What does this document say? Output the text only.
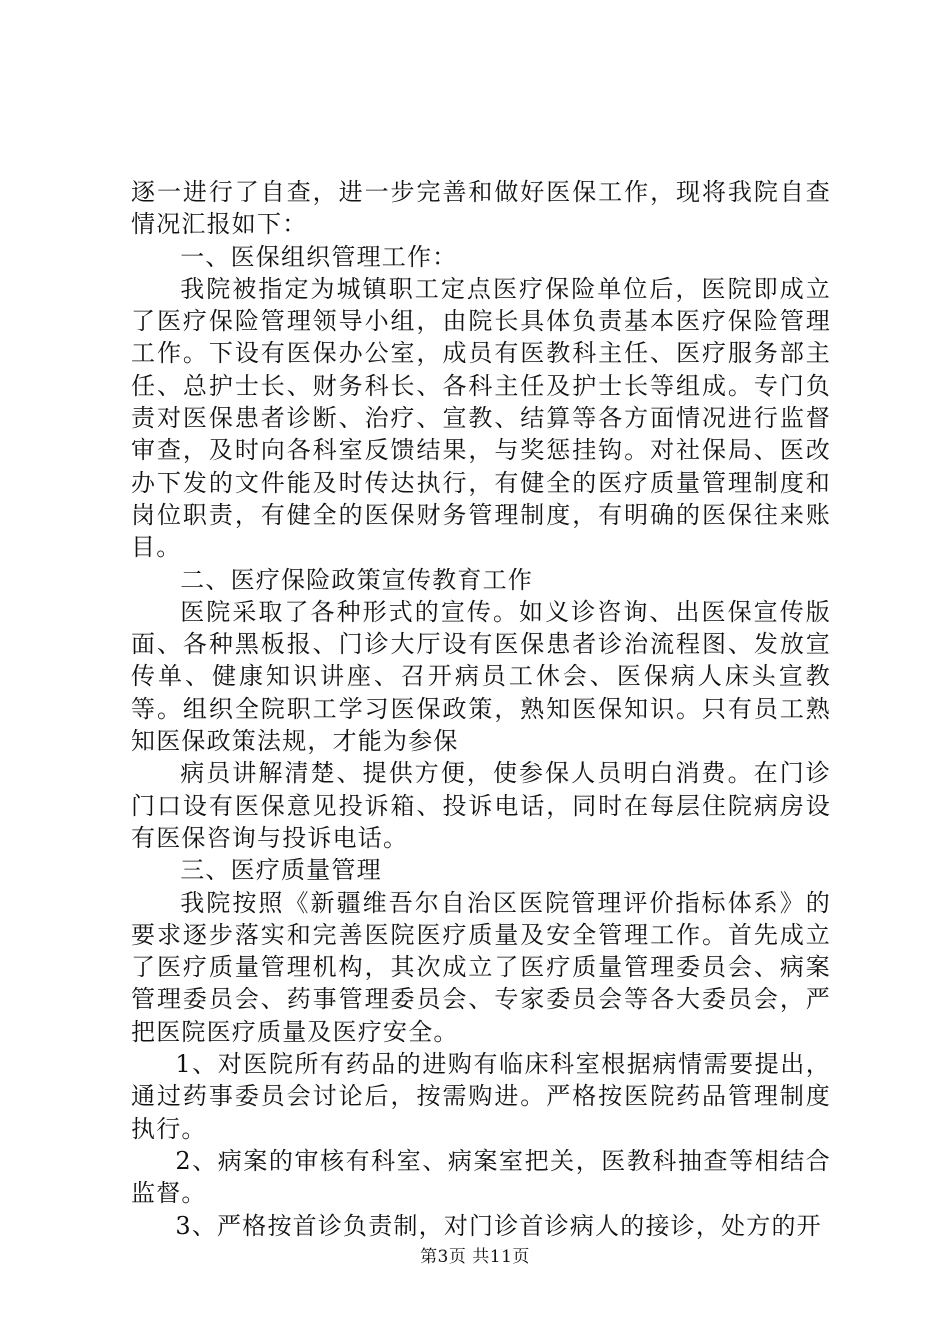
逐一进行了自查，进一步完善和做好医保工作，现将我院自查情况汇报如下：

一、医保组织管理工作：

我院被指定为城镇职工定点医疗保险单位后，医院即成立了医疗保险管理领导小组，由院长具体负责基本医疗保险管理工作。下设有医保办公室，成员有医教科主任、医疗服务部主任、总护士长、财务科长、各科主任及护士长等组成。专门负责对医保患者诊断、治疗、宣教、结算等各方面情况进行监督审查，及时向各科室反馈结果，与奖惩挂钩。对社保局、医改办下发的文件能及时传达执行，有健全的医疗质量管理制度和岗位职责，有健全的医保财务管理制度，有明确的医保往来账目。

二、医疗保险政策宣传教育工作

医院采取了各种形式的宣传。如义诊咨询、出医保宣传版面、各种黑板报、门诊大厅设有医保患者诊治流程图、发放宣传单、健康知识讲座、召开病员工休会、医保病人床头宣教等。组织全院职工学习医保政策，熟知医保知识。只有员工熟知医保政策法规，才能为参保

病员讲解清楚、提供方便，使参保人员明白消费。在门诊门口设有医保意见投诉箱、投诉电话，同时在每层住院病房设有医保咨询与投诉电话。

三、医疗质量管理

我院按照《新疆维吾尔自治区医院管理评价指标体系》的要求逐步落实和完善医院医疗质量及安全管理工作。首先成立了医疗质量管理机构，其次成立了医疗质量管理委员会、病案管理委员会、药事管理委员会、专家委员会等各大委员会，严把医院医疗质量及医疗安全。

1、对医院所有药品的进购有临床科室根据病情需要提出，通过药事委员会讨论后，按需购进。严格按医院药品管理制度执行。

2、病案的审核有科室、病案室把关，医教科抽查等相结合监督。

3、严格按首诊负责制，对门诊首诊病人的接诊，处方的开

第3页 共11页
